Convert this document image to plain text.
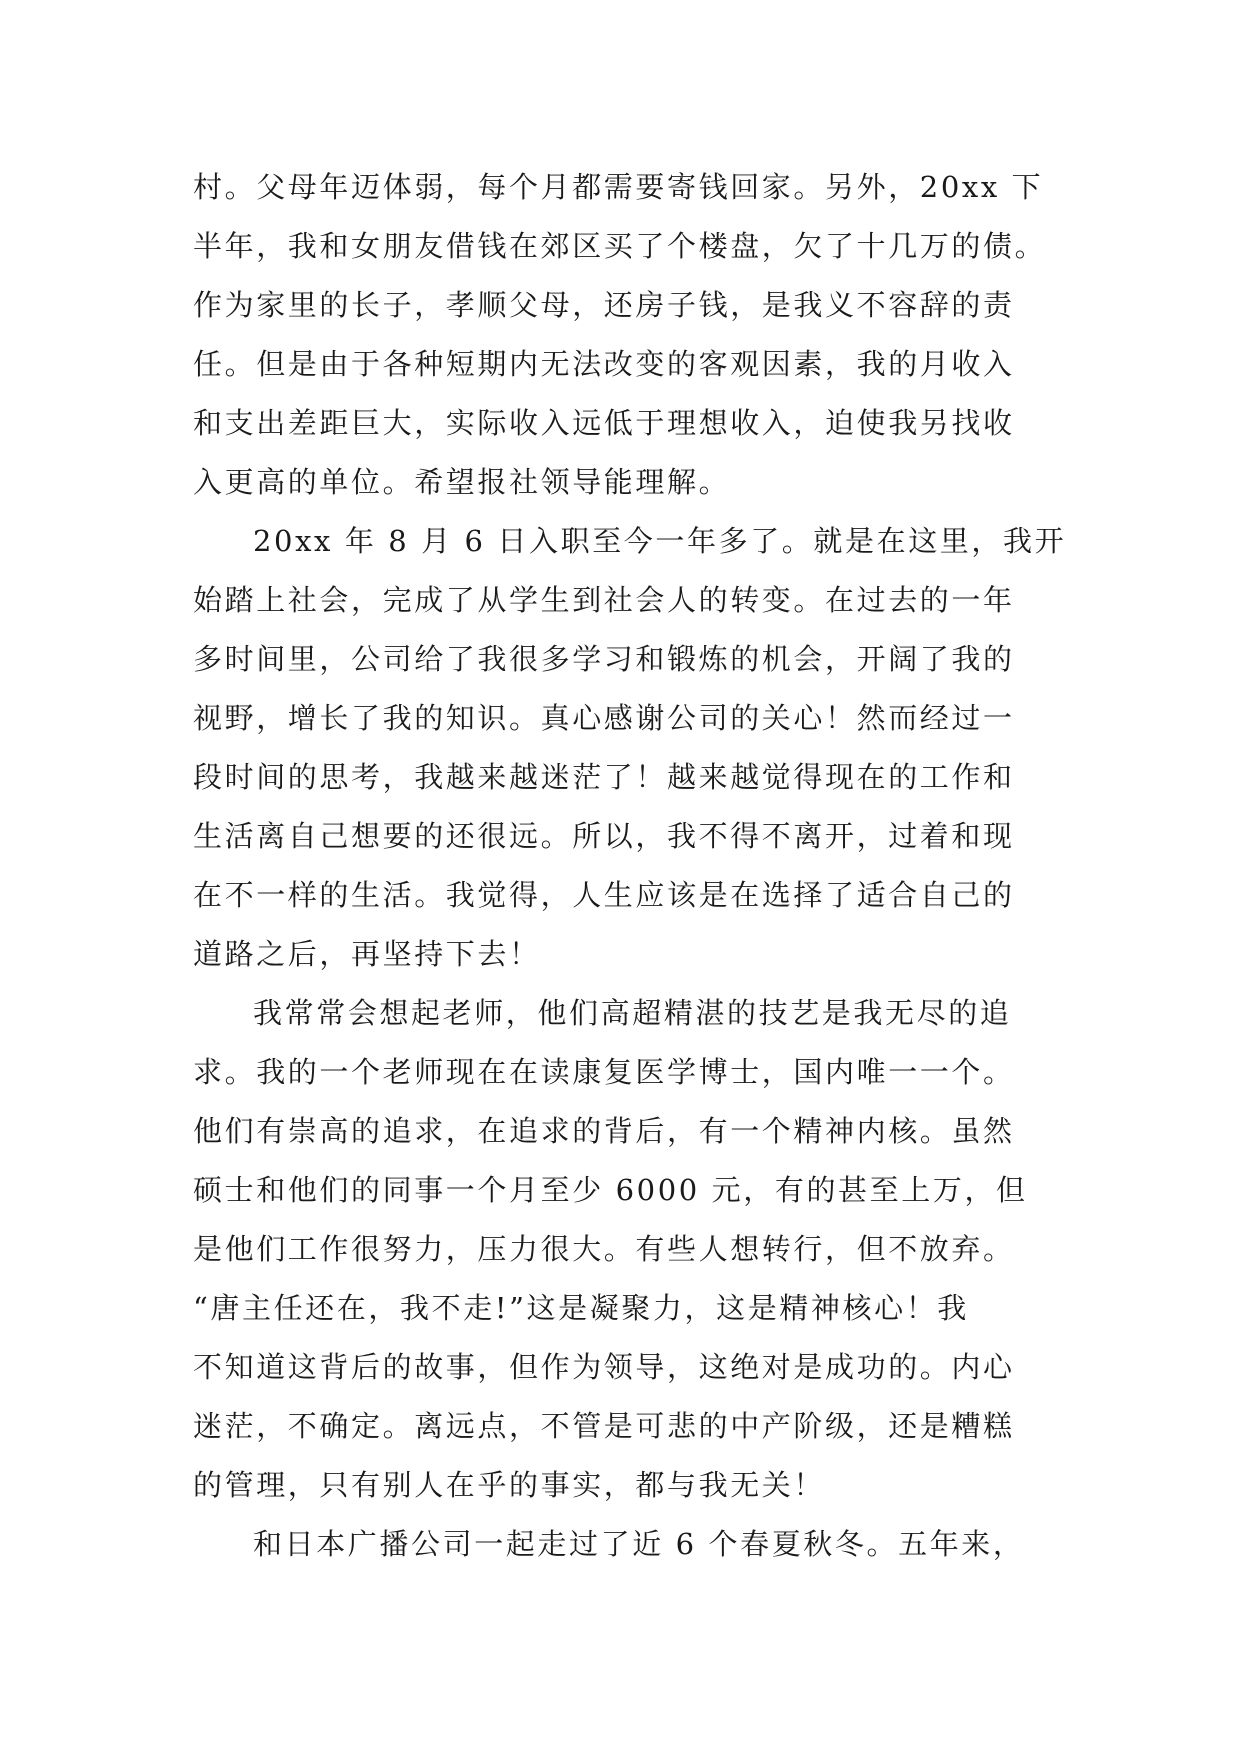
村。父母年迈体弱，每个月都需要寄钱回家。另外，20xx 下
半年，我和女朋友借钱在郊区买了个楼盘，欠了十几万的债。
作为家里的长子，孝顺父母，还房子钱，是我义不容辞的责
任。但是由于各种短期内无法改变的客观因素，我的月收入
和支出差距巨大，实际收入远低于理想收入，迫使我另找收
入更高的单位。希望报社领导能理解。
20xx 年 8 月 6 日入职至今一年多了。就是在这里，我开
始踏上社会，完成了从学生到社会人的转变。在过去的一年
多时间里，公司给了我很多学习和锻炼的机会，开阔了我的
视野，增长了我的知识。真心感谢公司的关心！然而经过一
段时间的思考，我越来越迷茫了！越来越觉得现在的工作和
生活离自己想要的还很远。所以，我不得不离开，过着和现
在不一样的生活。我觉得，人生应该是在选择了适合自己的
道路之后，再坚持下去！
我常常会想起老师，他们高超精湛的技艺是我无尽的追
求。我的一个老师现在在读康复医学博士，国内唯一一个。
他们有崇高的追求，在追求的背后，有一个精神内核。虽然
硕士和他们的同事一个月至少 6000 元，有的甚至上万，但
是他们工作很努力，压力很大。有些人想转行，但不放弃。
“唐主任还在，我不走!”这是凝聚力，这是精神核心！我
不知道这背后的故事，但作为领导，这绝对是成功的。内心
迷茫，不确定。离远点，不管是可悲的中产阶级，还是糟糕
的管理，只有别人在乎的事实，都与我无关！
和日本广播公司一起走过了近 6 个春夏秋冬。五年来，
